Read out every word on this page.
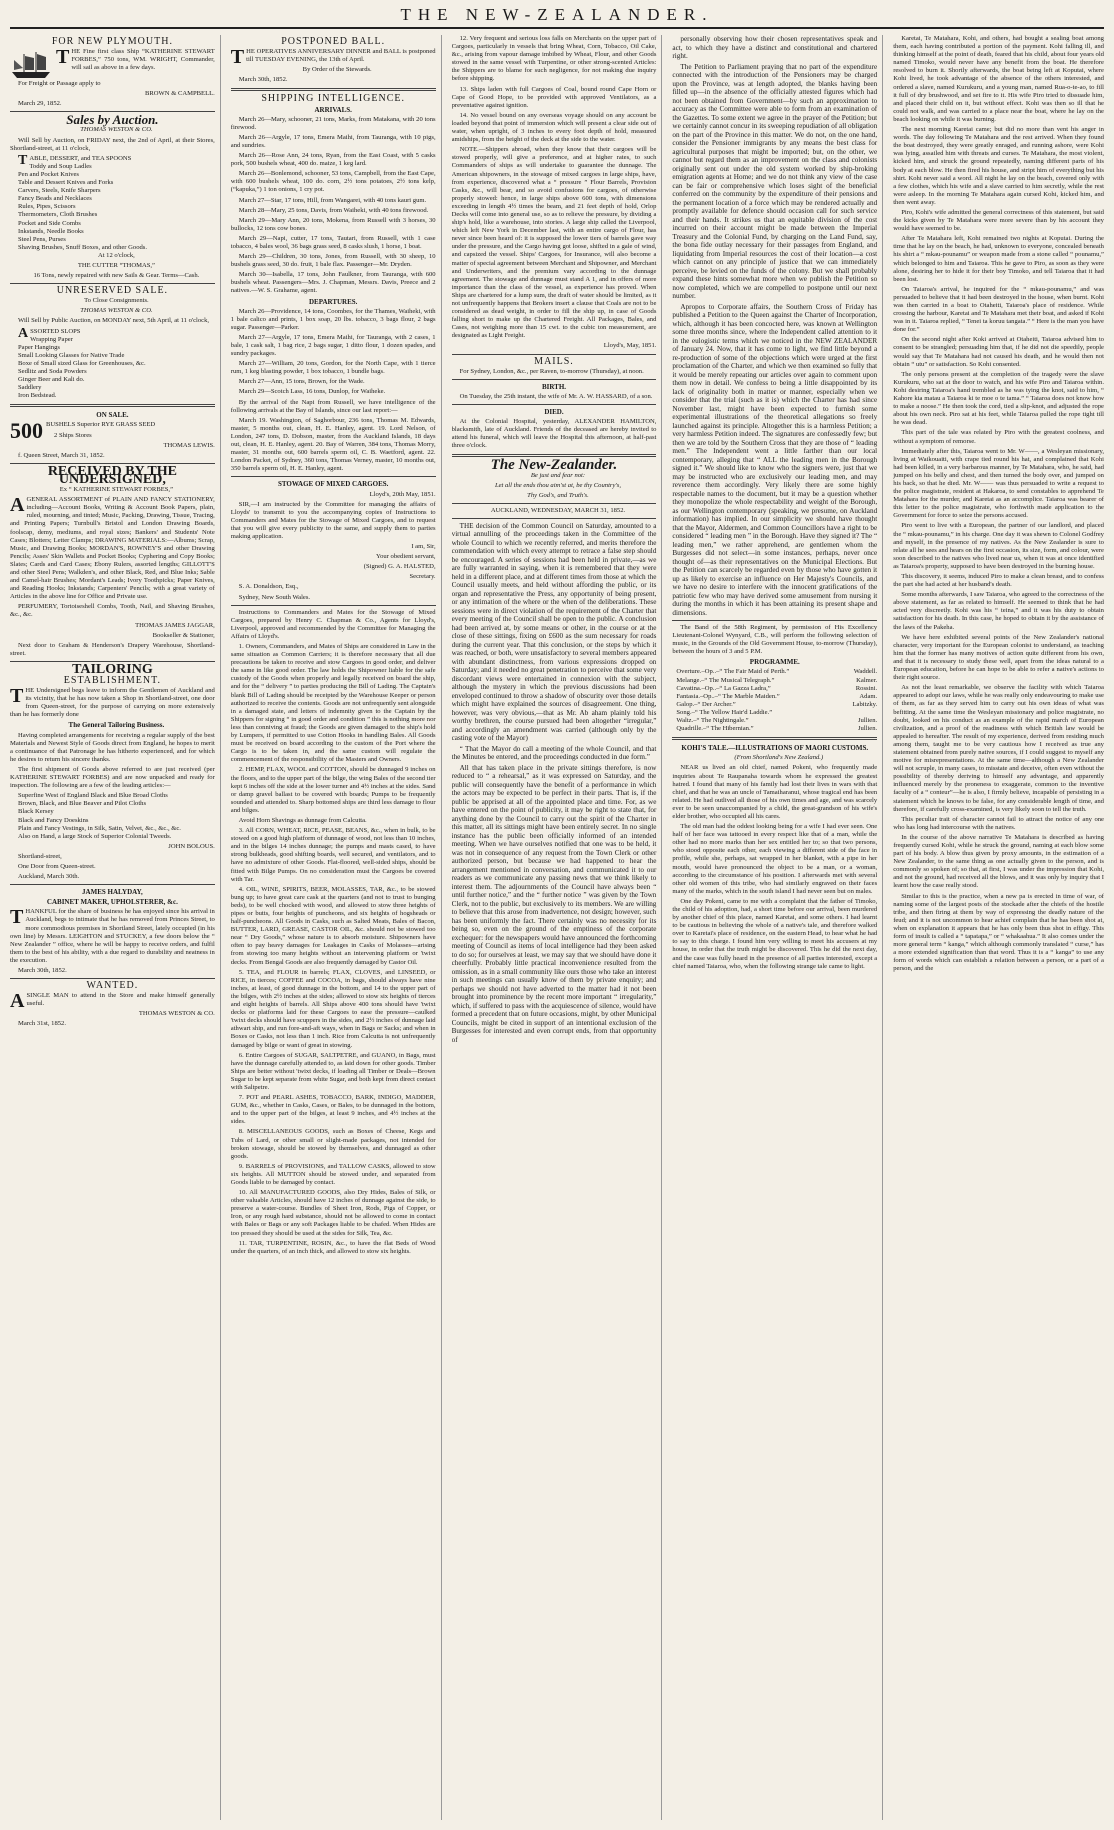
THE NEW-ZEALANDER.
FOR NEW PLYMOUTH.

THE Fine first class Ship “KATHERINE STEWART FORBES,” 750 tons, WM. WRIGHT, Commander, will sail as above in a few days.

For Freight or Passage apply to

BROWN & CAMPBELL.

March 29, 1852.

Sales by Auction.

THOMAS WESTON & CO.

Will Sell by Auction, on FRIDAY next, the 2nd of April, at their Stores, Shortland-street, at 11 o'clock,

TABLE, DESSERT, and TEA SPOONS
Toddy and Soup Ladles
Pen and Pocket Knives
Table and Dessert Knives and Forks
Carvers, Steels, Knife Sharpers
Fancy Beads and Necklaces
Rules, Pipes, Scissors
Thermometers, Cloth Brushes
Pocket and Side Combs
Inkstands, Needle Books
Steel Pens, Purses
Shaving Brushes, Snuff Boxes, and other Goods.

At 12 o'clock,

THE CUTTER “THOMAS,”

16 Tons, newly repaired with new Sails & Gear. Terms—Cash.

UNRESERVED SALE.

To Close Consignments.

THOMAS WESTON & CO.

Will Sell by Public Auction, on MONDAY next, 5th April, at 11 o'clock,

ASSORTED SLOPS
Wrapping Paper
Paper Hangings
Small Looking Glasses for Native Trade
Boxe of Small sized Glass for Greenhouses, &c.
Sedlitz and Soda Powders
Ginger Beer and Kali do.
Saddlery
Iron Bedstead.
ON SALE.

500 BUSHELS Superior RYE GRASS SEED

2 Ships Stores

THOMAS LEWIS.

f. Queen Street, March 31, 1852.

RECEIVED BY THE UNDERSIGNED,

Ex “ KATHERINE STEWART FORBES,”

AGENERAL ASSORTMENT of PLAIN AND FANCY STATIONERY, including—Account Books, Writing & Account Book Papers, plain, ruled, mourning, and tinted; Music, Packing, Drawing, Tissue, Tracing, and Printing Papers; Turnbull's Bristol and London Drawing Boards, foolscap, demy, mediums, and royal sizes; Bankers' and Students' Note Cases; Blotters; Letter Clamps; DRAWING MATERIALS:—Albums; Scrap, Music, and Drawing Books; MORDAN'S, ROWNEY'S and other Drawing Pencils; Asses' Skin Wallets and Pocket Books; Cyphering and Copy Books; Slates; Cards and Card Cases; Ebony Rulers, assorted lengths; GILLOTT'S and other Steel Pens; Walkden's, and other Black, Red, and Blue Inks; Sable and Camel-hair Brushes; Mordant's Leads; Ivory Toothpicks; Paper Knives, and Reading Hooks; Inkstands; Carpenters' Pencils; with a great variety of Articles in the above line for Office and Private use.

PERFUMERY, Tortoiseshell Combs, Tooth, Nail, and Shaving Brushes, &c., &c.

THOMAS JAMES JAGGAR,

Bookseller & Stationer,

Next door to Graham & Henderson's Drapery Warehouse, Shortland-street.

TAILORING
ESTABLISHMENT.

THE Undersigned begs leave to inform the Gentlemen of Auckland and its vicinity, that he has now taken a Shop in Shortland-street, one door from Queen-street, for the purpose of carrying on more extensively than he has formerly done

The General Tailoring Business.

Having completed arrangements for receiving a regular supply of the best Materials and Newest Style of Goods direct from England, he hopes to merit a continuance of that Patronage he has hitherto experienced, and for which he desires to return his sincere thanks.

The first shipment of Goods above referred to are just received (per KATHERINE STEWART FORBES) and are now unpacked and ready for inspection. The following are a few of the leading articles:—

Superfine West of England Black and Blue Broad Cloths
Brown, Black, and Blue Beaver and Pilot Cloths
Black Kersey
Black and Fancy Doeskins
Plain and Fancy Vestings, in Silk, Satin, Velvet, &c., &c., &c.

Also on Hand, a large Stock of Superior Colonial Tweeds.

JOHN BOLOUS.

Shortland-street,

One Door from Queen-street.

Auckland, March 30th.

JAMES HALYDAY,
CABINET MAKER, UPHOLSTERER, &c.

THANKFUL for the share of business he has enjoyed since his arrival in Auckland, begs to intimate that he has removed from Princes Street, to more commodious premises in Shortland Street, lately occupied (in his own line) by Messrs. LEIGHTON and STUCKEY, a few doors below the “ New Zealander ” office, where he will be happy to receive orders, and fulfil them to the best of his ability, with a due regard to durability and neatness in the execution.

March 30th, 1852.

WANTED.

ASINGLE MAN to attend in the Store and make himself generally useful.

THOMAS WESTON & CO.

March 31st, 1852.

POSTPONED BALL.

THE OPERATIVES ANNIVERSARY DINNER and BALL is postponed till TUESDAY EVENING, the 13th of April.

By Order of the Stewards.

March 30th, 1852.

SHIPPING INTELLIGENCE.
ARRIVALS.

March 26—Mary, schooner, 21 tons, Marks, from Matakana, with 20 tons firewood.

March 26—Argyle, 17 tons, Emera Maihi, from Tauranga, with 10 pigs, and sundries.

March 26—Rose Ann, 24 tons, Ryan, from the East Coast, with 5 casks pork, 500 bushels wheat, 400 do. maize, 1 keg lard.

March 26—Bonlemond, schooner, 53 tons, Campbell, from the East Cape, with 600 bushels wheat, 100 do. corn, 2½ tons potatoes, 2½ tons kelp, (“kapuka,”) 1 ton onions, 1 cry pot.

March 27—Star, 17 tons, Hill, from Wangarei, with 40 tons kauri gum.

March 28—Mary, 25 tons, Davis, from Waiheki, with 40 tons firewood.

March 29—Mary Ann, 20 tons, Mokena, from Russell with 3 horses, 30 bullocks, 12 tons cow bones.

March 29—Napi, cutter, 17 tons, Tautari, from Russell, with 1 case tobacco, 4 bales wool, 36 bags grass seed, 8 casks slush, 1 horse, 1 boat.

March 29—Children, 30 tons, Jones, from Russell, with 30 sheep, 10 bushels grass seed, 30 do. fruit, 1 bale flax. Passenger—Mr. Dryden.

March 30—Isabella, 17 tons, John Faulkner, from Tauranga, with 600 bushels wheat. Passengers—Mrs. J. Chapman, Messrs. Davis, Preece and 2 natives.—W. S. Grahame, agent.

DEPARTURES.

March 26—Providence, 14 tons, Coombes, for the Thames, Waiheki, with 1 bale calico and prints, 1 box soap, 20 lbs. tobacco, 3 bags flour, 2 bags sugar. Passenger—Parker.

March 27—Argyle, 17 tons, Emera Maihi, for Tauranga, with 2 cases, 1 bale, 1 cask salt, 1 bag rice, 2 bags sugar, 1 ditto flour, 1 dozen spades, and sundry packages.

March 27—William, 20 tons, Gordon, for the North Cape, with 1 tierce rum, 1 keg blasting powder, 1 box tobacco, 1 bundle bags.

March 27—Ann, 15 tons, Brown, for the Wade.

March 29—Scotch Lass, 16 tons, Dunlop, for Waiheke.

By the arrival of the Napi from Russell, we have intelligence of the following arrivals at the Bay of Islands, since our last report:—

March 19. Washington, of Saghorbour, 236 tons, Thomas M. Edwards, master, 5 months out, clean, H. E. Hanley, agent. 19. Lord Nelson, of London, 247 tons, D. Dobson, master, from the Auckland Islands, 18 days out, clean, H. E. Hanley, agent. 20. Bay of Warren, 384 tons, Thomas Morry, master, 31 months out, 600 barrels sperm oil, C. B. Waetford, agent. 22. London Packet, of Sydney, 360 tons, Thomas Verney, master, 10 months out, 350 barrels sperm oil, H. E. Hanley, agent.

STOWAGE OF MIXED CARGOES.

Lloyd's, 20th May, 1851.

SIR,—I am instructed by the Committee for managing the affairs of Lloyds' to transmit to you the accompanying copies of Instructions to Commanders and Mates for the Stowage of Mixed Cargoes, and to request that you will give every publicity to the same, and supply them to parties making application.

I am, Sir,

Your obedient servant,

(Signed) G. A. HALSTED,

Secretary.

S. A. Donaldson, Esq.,

Sydney, New South Wales.

Instructions to Commanders and Mates for the Stowage of Mixed Cargoes, prepared by Henry C. Chapman & Co., Agents for Lloyd's, Liverpool, approved and recommended by the Committee for Managing the Affairs of Lloyd's.

1. Owners, Commanders, and Mates of Ships are considered in Law in the same situation as Common Carriers; it is therefore necessary that all due precautions be taken to receive and stow Cargoes in good order, and deliver the same in like good order. The law holds the Shipowner liable for the safe custody of the Goods when properly and legally received on board the ship, and for the “ delivery ” to parties producing the Bill of Lading. The Captain's blank Bill of Lading should be receipted by the Warehouse Keeper or person authorized to receive the contents. Goods are not unfrequently sent alongside in a damaged state, and letters of indemnity given to the Captain by the Shippers for signing “ in good order and condition ” this is nothing more nor less than conniving at fraud; the Goods are given damaged to the ship's hold by Lumpers, if permitted to use Cotton Hooks in handling Bales. All Goods must be received on board according to the custom of the Port where the Cargo is to be taken in, and the same custom will regulate the commencement of the responsibility of the Masters and Owners.

2. HEMP, FLAX, WOOL and COTTON, should be dunnaged 9 inches on the floors, and to the upper part of the bilge, the wing Bales of the second tier kept 6 inches off the side at the lower turner and 4½ inches at the sides. Sand or damp gravel ballast to be covered with boards; Pumps to be frequently sounded and attended to. Sharp bottomed ships are third less damage to flour and bilges.

Avoid Horn Shavings as dunnage from Calcutta.

3. All CORN, WHEAT, RICE, PEASE, BEANS, &c., when in bulk, to be stowed on a good high platform of dunnage of wood, not less than 10 inches, and in the bilges 14 inches dunnage; the pumps and masts cased, to have strong bulkheads, good shifting boards, well secured, and ventilators, and to have no admixture of other Goods. Flat-floored, well-sided ships, should be fitted with Bilge Pumps. On no consideration must the Cargoes be covered with Tar.

4. OIL, WINE, SPIRITS, BEER, MOLASSES, TAR, &c., to be stowed bung up; to have great care cask at the quarters (and not to trust to bunging beds), to be well chocked with wood, and allowed to stow three heights of pipes or butts, four heights of puncheons, and six heights of hogsheads or half-puncheons. All Goods in Casks, such as Salted Meats, Bales of Bacon, BUTTER, LARD, GREASE, CASTOR OIL, &c. should not be stowed too near “ Dry Goods,” whose nature is to absorb moisture. Shipowners have often to pay heavy damages for Leakages in Casks of Molasses—arising from stowing too many heights without an intervening platform or 'twixt decks. From Bengal Goods are also frequently damaged by Castor Oil.

5. TEA, and FLOUR in barrels; FLAX, CLOVES, and LINSEED, or RICE, in tierces; COFFEE and COCOA, in bags, should always have nine inches, at least, of good dunnage in the bottom, and 14 to the upper part of the bilges, with 2½ inches at the sides; allowed to stow six heights of tierces and eight heights of barrels. All Ships above 400 tons should have 'twixt decks or platforms laid for these Cargoes to ease the pressure—caulked 'twixt decks should have scuppers in the sides, and 2½ inches of dunnage laid athwart ship, and run fore-and-aft ways, when in Bags or Sacks; and when in Boxes or Casks, not less than 1 inch. Rice from Calcutta is not unfrequently damaged by bilge or want of great in stowing.

6. Entire Cargoes of SUGAR, SALTPETRE, and GUANO, in Bags, must have the dunnage carefully attended to, as laid down for other goods. Timber Ships are better without 'twixt decks, if loading all Timber or Deals—Brown Sugar to be kept separate from white Sugar, and both kept from direct contact with Saltpetre.

7. POT and PEARL ASHES, TOBACCO, BARK, INDIGO, MADDER, GUM, &c., whether in Casks, Cases, or Bales, to be dunnaged in the bottom, and to the upper part of the bilges, at least 9 inches, and 4½ inches at the sides.

8. MISCELLANEOUS GOODS, such as Boxes of Cheese, Kegs and Tubs of Lard, or other small or slight-made packages, not intended for broken stowage, should be stowed by themselves, and dunnaged as other goods.

9. BARRELS of PROVISIONS, and TALLOW CASKS, allowed to stow six heights. All MUTTON should be stowed under, and separated from Goods liable to be damaged by contact.

10. All MANUFACTURED GOODS, also Dry Hides, Bales of Silk, or other valuable Articles, should have 12 inches of dunnage against the side, to preserve a water-course. Bundles of Sheet Iron, Rods, Pigs of Copper, or Iron, or any rough hard substance, should not be allowed to come in contact with Bales or Bags or any soft Packages liable to be chafed. When Hides are too pressed they should be used at the sides for Silk, Tea, &c.

11. TAR, TURPENTINE, ROSIN, &c., to have the flat Beds of Wood under the quarters, of an inch thick, and allowed to stow six heights.

12. Very frequent and serious loss falls on Merchants on the upper part of Cargoes, particularly in vessels that bring Wheat, Corn, Tobacco, Oil Cake, &c., arising from vapour damage imbibed by Wheat, Flour, and other Goods stowed in the same vessel with Turpentine, or other strong-scented Articles: the Shippers are to blame for such negligence, for not making due inquiry before shipping.

13. Ships laden with full Cargoes of Coal, bound round Cape Horn or Cape of Good Hope, to be provided with approved Ventilators, as a preventative against ignition.

14. No vessel bound on any overseas voyage should on any account be loaded beyond that point of immersion which will present a clear side out of water, when upright, of 3 inches to every foot depth of hold, measured amidships, from the height of the deck at the side to the water.

NOTE.—Shippers abroad, when they know that their cargoes will be stowed properly, will give a preference, and at higher rates, to such Commanders of ships as will undertake to guarantee the dunnage. The American shipowners, in the stowage of mixed cargoes in large ships, have, from experience, discovered what a “ pressure ” Flour Barrels, Provision Casks, &c., will bear, and so avoid confusions for cargoes, of otherwise properly stowed: hence, in large ships above 600 tons, with dimensions exceeding in length 4½ times the beam, and 21 feet depth of hold, Orlop Decks will come into general use, so as to relieve the pressure, by dividing a ship's hold, like a warehouse, into stories. A large ship called the Liverpool, which left New York in December last, with an entire cargo of Flour, has never since been heard of: it is supposed the lower tiers of barrels gave way under the pressure, and the Cargo having got loose, shifted in a gale of wind, and capsized the vessel. Ships' Cargoes, for Insurance, will also become a matter of special agreement between Merchant and Shipowner, and Merchant and Underwriters, and the premium vary according to the dunnage agreement. The stowage and dunnage must stand A 1, and in offers of more importance than the class of the vessel, as experience has proved. When Ships are chartered for a lump sum, the draft of water should be limited, as it not unfrequently happens that Brokers insert a clause that Coals are not to be considered as dead weight, in order to fill the ship up, in case of Goods falling short to make up the Chartered Freight. All Packages, Bales, and Cases, not weighing more than 15 cwt. to the cubic ton measurement, are designated as Light Freight.

Lloyd's, May, 1851.

MAILS.

For Sydney, London, &c., per Raven, to-morrow (Thursday), at noon.

BIRTH.

On Tuesday, the 25th instant, the wife of Mr. A. W. HASSARD, of a son.

DIED.

At the Colonial Hospital, yesterday, ALEXANDER HAMILTON, blacksmith, late of Auckland. Friends of the deceased are hereby invited to attend his funeral, which will leave the Hospital this afternoon, at half-past three o'clock.

The New-Zealander.

Be just and fear not:

Let all the ends thou aim'st at, be thy Country's,

Thy God's, and Truth's.

AUCKLAND, WEDNESDAY, MARCH 31, 1852.

THE decision of the Common Council on Saturday, amounted to a virtual annulling of the proceedings taken in the Committee of the whole Council to which we recently referred, and merits therefore the commendation with which every attempt to retrace a false step should be encouraged. A series of sessions had been held in private,—as we are fully warranted in saying, when it is remembered that they were held in a different place, and at different times from those at which the Council usually meets, and held without affording the public, or its organ and representative the Press, any opportunity of being present, or any intimation of the where or the when of the deliberations. These sessions were in direct violation of the requirement of the Charter that every meeting of the Council shall be open to the public. A conclusion had been arrived at, by some means or other, in the course or at the close of these sittings, fixing on £600 as the sum necessary for roads during the current year. That this conclusion, or the steps by which it was reached, or both, were unsatisfactory to several members appeared with abundant distinctness, from various expressions dropped on Saturday; and it needed no great penetration to perceive that some very discordant views were entertained in connexion with the subject, although the mystery in which the previous discussions had been enveloped continued to throw a shadow of obscurity over those details which might have explained the sources of disagreement. One thing, however, was very obvious,—that as Mr. Ab aham plainly told his worthy brethren, the course pursued had been altogether “irregular,” and accordingly an amendment was carried (although only by the casting vote of the Mayor)

“ That the Mayor do call a meeting of the whole Council, and that the Minutes be entered, and the proceedings conducted in due form.”

All that has taken place in the private sittings therefore, is now reduced to “ a rehearsal,” as it was expressed on Saturday, and the public will consequently have the benefit of a performance in which the actors may be expected to be perfect in their parts. That is, if the public be apprised at all of the appointed place and time. For, as we have entered on the point of publicity, it may be right to state that, for anything done by the Council to carry out the spirit of the Charter in this matter, all its sittings might have been entirely secret. In no single instance has the public been officially informed of an intended meeting. When we have ourselves notified that one was to be held, it was not in consequence of any request from the Town Clerk or other authorized person, but because we had happened to hear the arrangement mentioned in conversation, and communicated it to our readers as we communicate any passing news that we think likely to interest them. The adjournments of the Council have always been “ until further notice,” and the “ further notice ” was given by the Town Clerk, not to the public, but exclusively to its members. We are willing to believe that this arose from inadvertence, not design; however, such has been uniformly the fact. There certainly was no necessity for its being so, even on the ground of the emptiness of the corporate exchequer: for the newspapers would have announced the forthcoming meeting of Council as items of local intelligence had they been asked to do so; for ourselves at least, we may say that we should have done it cheerfully. Probably little practical inconvenience resulted from the omission, as in a small community like ours those who take an interest in such meetings can usually know of them by private enquiry; and perhaps we should not have adverted to the matter had it not been brought into prominence by the recent more important “ irregularity,” which, if suffered to pass with the acquiescence of silence, would have formed a precedent that on future occasions, might, by other Municipal Councils, might be cited in support of an intentional exclusion of the Burgesses for interested and even corrupt ends, from that opportunity of

personally observing how their chosen representatives speak and act, to which they have a distinct and constitutional and chartered right.

The Petition to Parliament praying that no part of the expenditure connected with the introduction of the Pensioners may be charged upon the Province, was at length adopted, the blanks having been filled up—in the absence of the officially attested figures which had not been obtained from Government—by such an approximation to accuracy as the Committee were able to form from an examination of the Gazettes. To some extent we agree in the prayer of the Petition; but we certainly cannot concur in its sweeping repudiation of all obligation on the part of the Province in this matter. We do not, on the one hand, consider the Pensioner immigrants by any means the best class for agricultural purposes that might be imported; but, on the other, we cannot but regard them as an improvement on the class and colonists originally sent out under the old system worked by ship-broking emigration agents at Home; and we do not think any view of the case can be fair or comprehensive which loses sight of the beneficial conferred on the community by the expenditure of their pensions and the permanent location of a force which may be rendered actually and promptly available for defence should occasion call for such service and their hands. It strikes us that an equitable division of the cost incurred on their account might be made between the Imperial Treasury and the Colonial Fund, by charging on the Land Fund, say, the bona fide outlay necessary for their passages from England, and liquidating from Imperial resources the cost of their location—a cost which cannot on any principle of justice that we can immediately perceive, be levied on the funds of the colony. But we shall probably expand these hints somewhat more when we publish the Petition so now completed, which we are compelled to postpone until our next number.

Apropos to Corporate affairs, the Southern Cross of Friday has published a Petition to the Queen against the Charter of Incorporation, which, although it has been concocted here, was known at Wellington some three months since, where the Independent called attention to it in the eulogistic terms which we noticed in the NEW ZEALANDER of January 24. Now, that it has come to light, we find little beyond a re-production of some of the objections which were urged at the first proclamation of the Charter, and which we then examined so fully that it would be merely repeating our articles over again to comment upon them now in detail. We confess to being a little disappointed by its lack of originality both in matter or manner, especially when we consider that the trial (such as it is) which the Charter has had since November last, might have been expected to furnish some experimental illustrations of the theoretical allegations so freely launched against its principle. Altogether this is a harmless Petition; a very harmless Petition indeed. The signatures are confessedly few; but then we are told by the Southern Cross that they are those of “ leading men.” The Independent went a little farther than our local contemporary, alleging that “ ALL the leading men in the Borough signed it.” We should like to know who the signers were, just that we may be instructed who are exclusively our leading men, and may reverence them accordingly. Very likely there are some highly respectable names to the document, but it may be a question whether they monopolize the whole respectability and weight of the Borough, as our Wellington contemporary (speaking, we presume, on Auckland information) has implied. In our simplicity we should have thought that the Mayor, Aldermen, and Common Councillors have a right to be considered “ leading men ” in the Borough. Have they signed it? The “ leading men,” we rather apprehend, are gentlemen whom the Burgesses did not select—in some instances, perhaps, never once thought of—as their representatives on the Municipal Elections. But the Petition can scarcely be regarded even by those who have gotten it up as likely to exercise an influence on Her Majesty's Councils, and we have no desire to interfere with the innocent gratifications of the patriotic few who may have derived some amusement from nursing it during the months in which it has been attaining its present shape and dimensions.

The Band of the 58th Regiment, by permission of His Excellency Lieutenant-Colonel Wynyard, C.B., will perform the following selection of music, in the Grounds of the Old Government House, to-morrow (Thursday), between the hours of 3 and 5 P.M.

PROGRAMME.
Overture.–Op..–“ The Fair Maid of Perth.”	Waddell.
Melange.–“ The Musical Telegraph.”	Kalmer.
Cavatina.–Op..–“ La Gazza Ladra,”	Rossini.
Fantasia.–Op..–“ The Marble Maiden.”	Adam.
Galop.–“ Der Archer.”	Labitzky.
Song.–“ The Yellow Hair'd Laddie.”
Waltz.–“ The Nightingale.”	Jullien.
Quadrille.–“ The Hibernian.”	Jullien.
KOHI'S TALE.—ILLUSTRATIONS OF MAORI CUSTOMS.

(From Shortland's New Zealand.)

NEAR us lived an old chief, named Pokeni, who frequently made inquiries about Te Raupanaha towards whom he expressed the greatest hatred. I found that many of his family had lost their lives in wars with that chief, and that he was an uncle of Tamaiharanui, whose tragical end has been related. He had outlived all those of his own times and age, and was scarcely ever to be seen unaccompanied by a child, the great-grandson of his wife's elder brother, who occupied all his cares.

The old man had the oddest looking being for a wife I had ever seen. One half of her face was tattooed in every respect like that of a man, while the other had no more marks than her sex entitled her to; so that two persons, who stood opposite each other, each viewing a different side of the face in profile, while she, perhaps, sat wrapped in her blanket, with a pipe in her mouth, would have pronounced the object to be a man, or a woman, according to the circumstance of his position. I afterwards met with several other old women of this tribe, who had similarly engraved on their faces many of the marks, which in the south island I had never seen but on males.

One day Pokeni, came to me with a complaint that the father of Timoko, the child of his adoption, had, a short time before our arrival, been murdered by another chief of this place, named Karetai, and some others. I had learnt to be cautious in believing the whole of a native's tale, and therefore walked over to Karetai's place of residence, on the eastern Head, to hear what he had to say to this charge. I found him very willing to meet his accusers at my house, in order that the truth might be discovered. This he did the next day, and the case was fully heard in the presence of all parties interested, except a chief named Taiaroa, who, when the following strange tale came to light.

Karetai, Te Matahara, Kohi, and others, had bought a sealing boat among them, each having contributed a portion of the payment. Kohi falling ill, and thinking himself at the point of death, feared that his child, about four years old named Timoko, would never have any benefit from the boat. He therefore resolved to burn it. Shortly afterwards, the boat being left at Koputai, where Kohi lived, he took advantage of the absence of the others interested, and ordered a slave, named Kurukuru, and a young man, named Rua-o-te-ao, to fill it full of dry brushwood, and set fire to it. His wife Piro tried to dissuade him, and placed their child on it, but without effect. Kohi was then so ill that he could not walk, and was carried to a place near the boat, where he lay on the beach looking on while it was burning.

The next morning Karetai came; but did no more than vent his anger in words. The day following Te Matahara and the rest arrived. When they found the boat destroyed, they were greatly enraged, and running ashore, were Kohi was lying, assailed him with threats and curses. Te Matahara, the most violent, kicked him, and struck the ground repeatedly, naming different parts of his body at each blow. He then fired his house, and stript him of everything but his shirt. Kohi never said a word. All night he lay on the beach, covered only with a few clothes, which his wife and a slave carried to him secretly, while the rest were asleep. In the morning Te Matahara again cursed Kohi, kicked him, and then went away.

Piro, Kohi's wife admitted the general correctness of this statement, but said the kicks given by Te Matahara were more severe than by his account they would have seemed to be.

After Te Matahara left, Kohi remained two nights at Koputai. During the time that he lay on the beach, he had, unknown to everyone, concealed beneath his shirt a “ mkau-pounamu” or weapon made from a stone called “ pounamu,” which belonged to him and Taiaroa. This he gave to Piro, as soon as they were alone, desiring her to hide it for their boy Timoko, and tell Taiaroa that it had been lost.

On Taiaroa's arrival, he inquired for the “ mkau-pounamu,” and was persuaded to believe that it had been destroyed in the house, when burnt. Kohi was then carried in a boat to Otaheiti, Taiaroa's place of residence. While crossing the harbour, Karetai and Te Matahara met their boat, and asked if Kohi was in it. Taiaroa replied, “ Tenei ta koruu tangata.” “ Here is the man you have done for.”

On the second night after Koki arrived at Otaheiti, Taiaroa advised him to consent to be strangled; persuading him that, if he did not die speedily, people would say that Te Matahara had not caused his death, and he would then not obtain “ utu” or satisfaction. So Kohi consented.

The only persons present at the completion of the tragedy were the slave Kurukuru, who sat at the door to watch, and his wife Piro and Taiaroa within. Kohi desiring Taiaroa's hand trembled as he was tying the knot, said to him, “ Kahore kia matau a Taiaroa ki te moe o te tama.” “ Taiaroa does not know how to make a noose.” He then took the cord, tied a slip-knot, and adjusted the rope about his own neck. Piro sat at his feet, while Taiaroa pulled the rope tight till he was dead.

This part of the tale was related by Piro with the greatest coolness, and without a symptom of remorse.

Immediately after this, Taiaroa went to Mr. W——, a Wesleyan missionary, living at Waikouaiti, with crape tied round his hat, and complained that Kohi had been killed, in a very barbarous manner, by Te Matahara, who, he said, had jumped on his belly and chest, and then turned the body over, and jumped on his back, so that he died. Mr. W—— was thus persuaded to write a request to the police magistrate, resident at Hakaroa, to send constables to apprehend Te Matahara for the murder, and Karetai as an accomplice. Taiaroa was bearer of this letter to the police magistrate, who forthwith made application to the Government for force to seize the persons accused.

Piro went to live with a European, the partner of our landlord, and placed the “ mkau-pounamu,” in his charge. One day it was shewn to Colonel Godfrey and myself, in the presence of my natives. As the New Zealander is sure to relate all he sees and hears on the first occasion, its size, form, and colour, were soon described to the natives who lived near us, when it was at once identified as Taiaroa's property, supposed to have been destroyed in the burning house.

This discovery, it seems, induced Piro to make a clean breast, and to confess the part she had acted at her husband's death.

Some months afterwards, I saw Taiaroa, who agreed to the correctness of the above statement, as far as related to himself. He seemed to think that he had acted very discreetly. Kohi was his “ teina,” and it was his duty to obtain satisfaction for his death. In this case, he hoped to obtain it by the assistance of the laws of the Pakeha.

We have here exhibited several points of the New Zealander's national character, very important for the European colonist to understand, as teaching him that the former has many motives of action quite different from his own, and that it is necessary to study these well, apart from the ideas natural to a European education, before he can hope to be able to refer a native's actions to their right source.

As not the least remarkable, we observe the facility with which Taiaroa appeared to adopt our laws, while he was really only endeavouring to make use of them, as far as they served him to carry out his own ideas of what was befitting. At the same time the Wesleyan missionary and police magistrate, no doubt, looked on his conduct as an example of the rapid march of European civilization, and a proof of the readiness with which British law would be appealed to hereafter. The result of my experience, derived from residing much among them, taught me to be very cautious how I received as true any statement obtained from purely native sources, if I could suggest to myself any motive for misrepresentations. At the same time—although a New Zealander will not scruple, in many cases, to misstate and deceive, often even without the possibility of thereby deriving to himself any advantage, and apparently influenced merely by the proneness to exaggerate, common to the inventive faculty of a “ conteur”—he is also, I firmly believe, incapable of persisting in a statement which he knows to be false, for any considerable length of time, and therefore, if carefully cross-examined, is very likely soon to tell the truth.

This peculiar trait of character cannot fail to attract the notice of any one who has long had intercourse with the natives.

In the course of the above narrative Te Matahara is described as having frequently cursed Kohi, while he struck the ground, naming at each blow some part of his body. A blow thus given by proxy amounts, in the estimation of a New Zealander, to the same thing as one actually given to the person, and is commonly so spoken of; so that, at first, I was under the impression that Kohi, and not the ground, had received all the blows, and it was only by inquiry that I learnt how the case really stood.

Similar to this is the practice, when a new pa is erected in time of war, of naming some of the largest posts of the stockade after the chiefs of the hostile tribe, and then firing at them by way of expressing the deadly nature of the feud; and it is not uncommon to hear achief complain that he has been shot at, when on explanation it appears that he has only been thus shot in effigy. This form of insult is called a “ tapatapa,” or “ whakaahua.” It also comes under the more general term “ kanga,” which although commonly translated “ curse,” has a more extended signification than that word. Thus it is a “ kanga” to use any form of words which can establish a relation between a person, or a part of a person, and the
